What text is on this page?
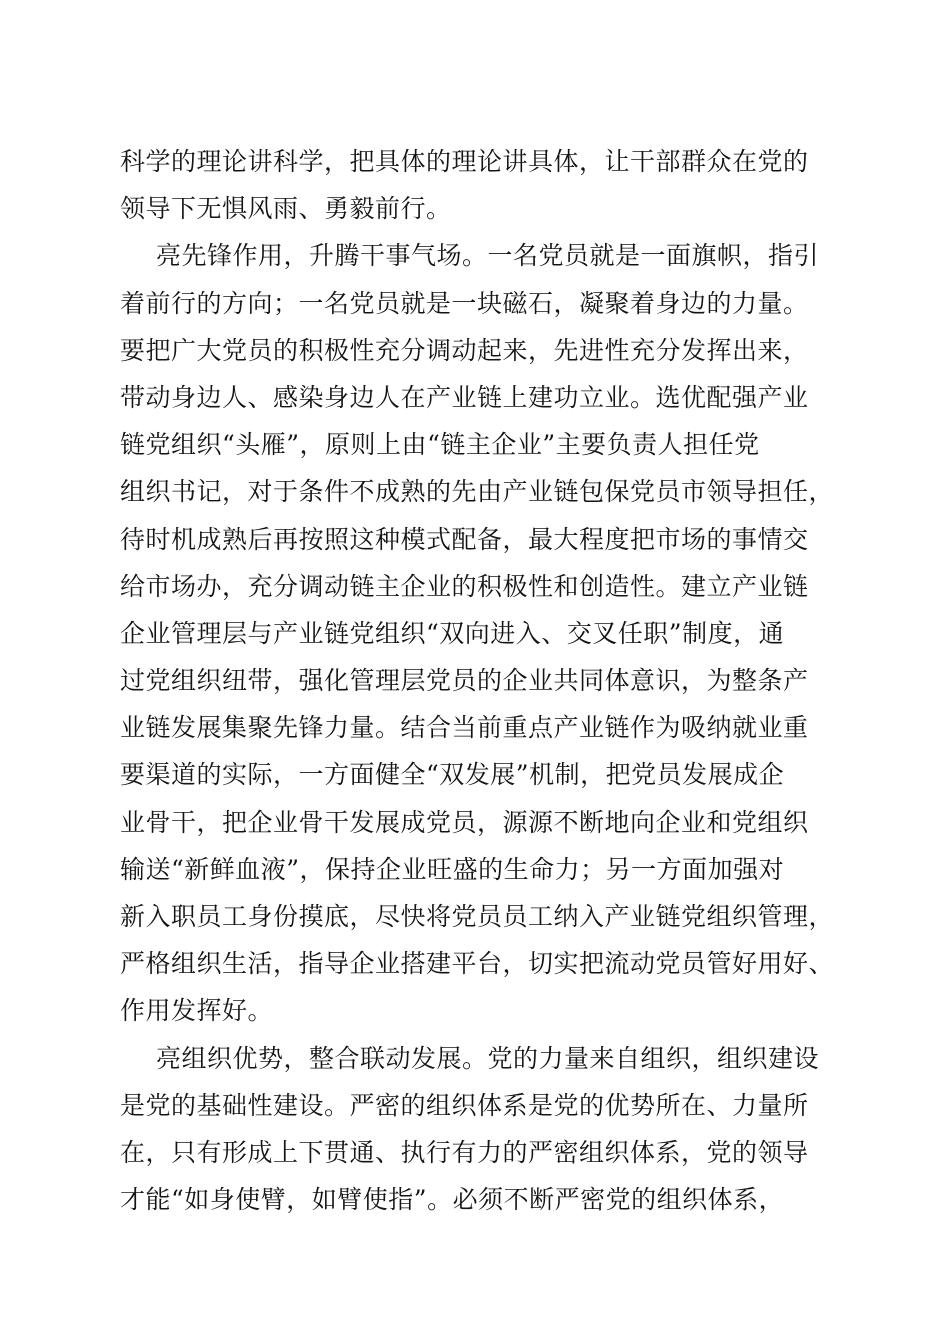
科学的理论讲科学，把具体的理论讲具体，让干部群众在党的
领导下无惧风雨、勇毅前行。
亮先锋作用，升腾干事气场。一名党员就是一面旗帜，指引
着前行的方向；一名党员就是一块磁石，凝聚着身边的力量。
要把广大党员的积极性充分调动起来，先进性充分发挥出来，
带动身边人、感染身边人在产业链上建功立业。选优配强产业
链党组织“头雁”，原则上由“链主企业”主要负责人担任党
组织书记，对于条件不成熟的先由产业链包保党员市领导担任，
待时机成熟后再按照这种模式配备，最大程度把市场的事情交
给市场办，充分调动链主企业的积极性和创造性。建立产业链
企业管理层与产业链党组织“双向进入、交叉任职”制度，通
过党组织纽带，强化管理层党员的企业共同体意识，为整条产
业链发展集聚先锋力量。结合当前重点产业链作为吸纳就业重
要渠道的实际，一方面健全“双发展”机制，把党员发展成企
业骨干，把企业骨干发展成党员，源源不断地向企业和党组织
输送“新鲜血液”，保持企业旺盛的生命力；另一方面加强对
新入职员工身份摸底，尽快将党员员工纳入产业链党组织管理，
严格组织生活，指导企业搭建平台，切实把流动党员管好用好、
作用发挥好。
亮组织优势，整合联动发展。党的力量来自组织，组织建设
是党的基础性建设。严密的组织体系是党的优势所在、力量所
在，只有形成上下贯通、执行有力的严密组织体系，党的领导
才能“如身使臂，如臂使指”。必须不断严密党的组织体系，
